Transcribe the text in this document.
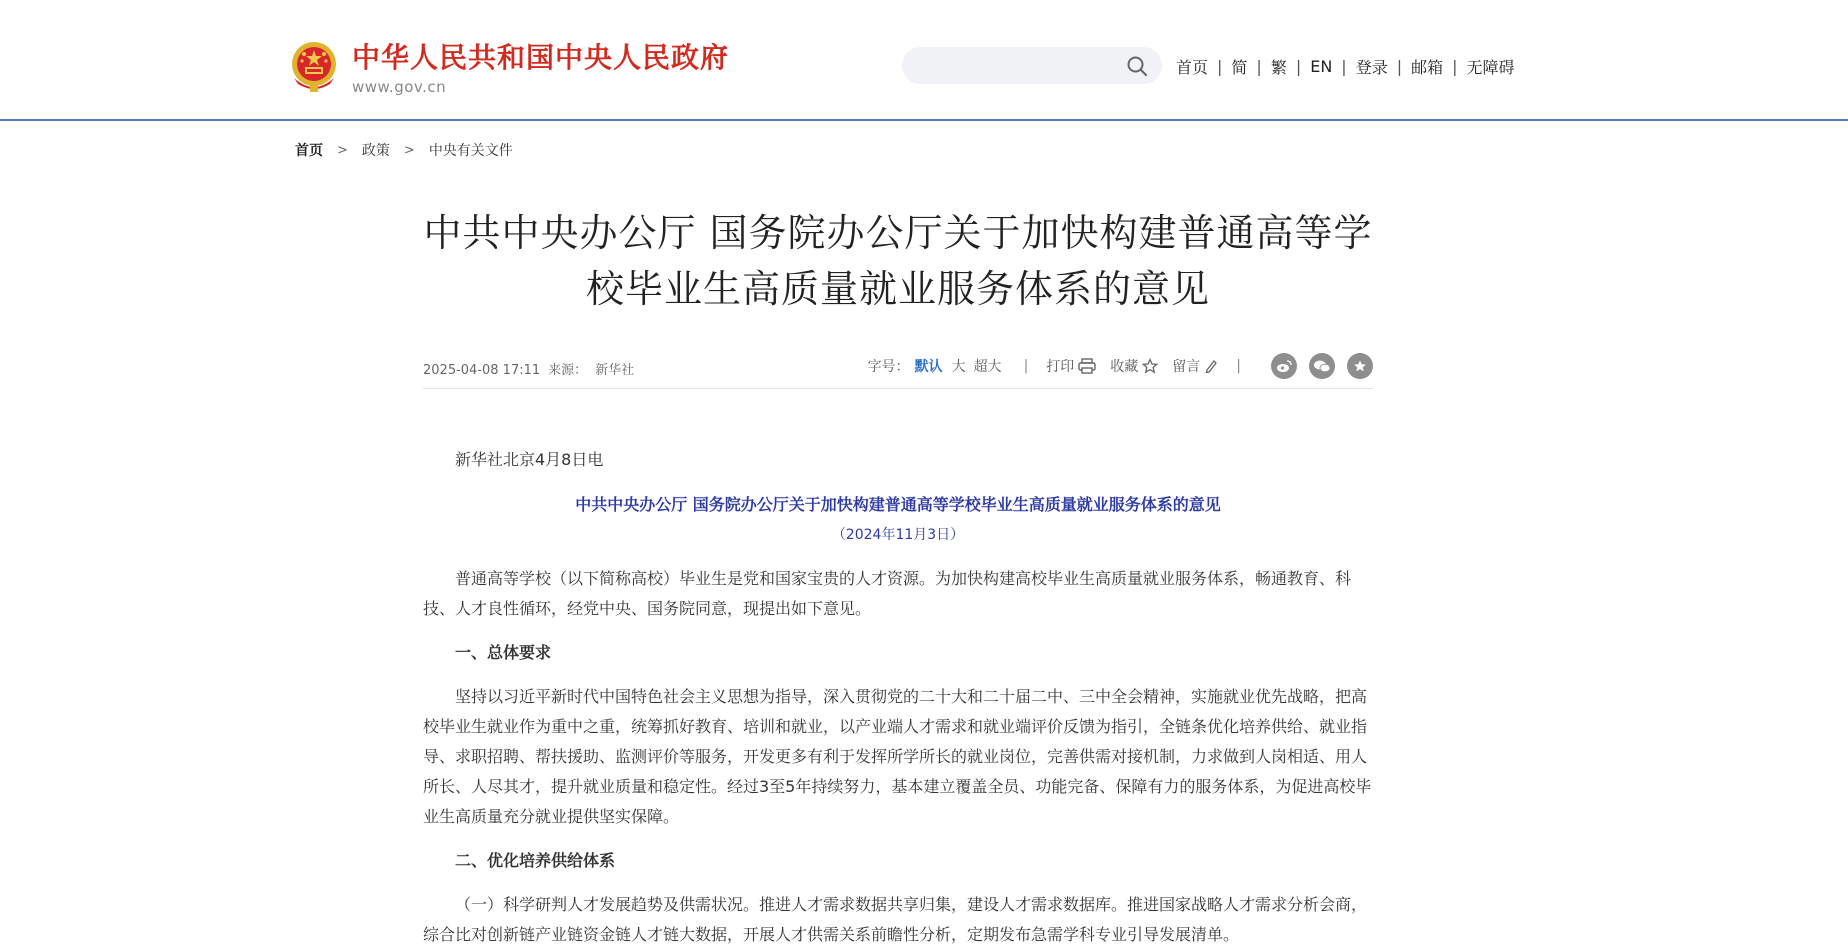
中华人民共和国中央人民政府
www.gov.cn
首页 | 简 | 繁 | EN | 登录 | 邮箱 | 无障碍
首页 > 政策 > 中央有关文件
中共中央办公厅 国务院办公厅关于加快构建普通高等学校毕业生高质量就业服务体系的意见
2025-04-08 17:11 来源： 新华社	字号： 默认 大 超大 | 打印	收藏 留言	|
新华社北京4月8日电
中共中央办公厅 国务院办公厅关于加快构建普通高等学校毕业生高质量就业服务体系的意见
（2024年11月3日）

普通高等学校（以下简称高校）毕业生是党和国家宝贵的人才资源。为加快构建高校毕业生高质量就业服务体系，畅通教育、科技、人才良性循环，经党中央、国务院同意，现提出如下意见。

一、总体要求

坚持以习近平新时代中国特色社会主义思想为指导，深入贯彻党的二十大和二十届二中、三中全会精神，实施就业优先战略，把高校毕业生就业作为重中之重，统筹抓好教育、培训和就业，以产业端人才需求和就业端评价反馈为指引，全链条优化培养供给、就业指导、求职招聘、帮扶援助、监测评价等服务，开发更多有利于发挥所学所长的就业岗位，完善供需对接机制，力求做到人岗相适、用人所长、人尽其才，提升就业质量和稳定性。经过3至5年持续努力，基本建立覆盖全员、功能完备、保障有力的服务体系，为促进高校毕业生高质量充分就业提供坚实保障。

二、优化培养供给体系

（一）科学研判人才发展趋势及供需状况。推进人才需求数据共享归集，建设人才需求数据库。推进国家战略人才需求分析会商，综合比对创新链产业链资金链人才链大数据，开展人才供需关系前瞻性分析，定期发布急需学科专业引导发展清单。
